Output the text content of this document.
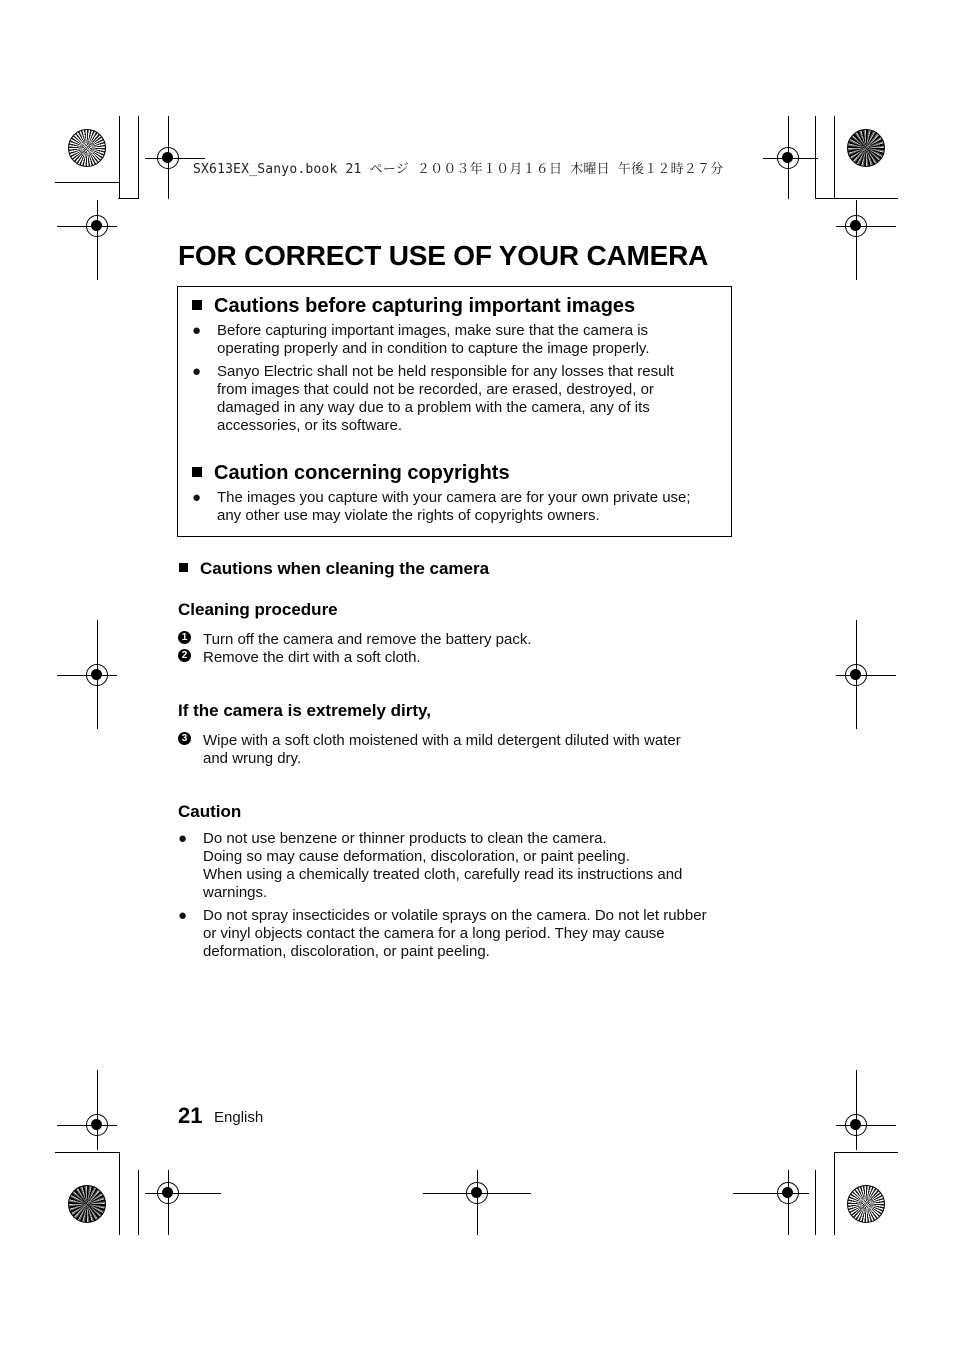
SX613EX_Sanyo.book 21 ページ ２００３年１０月１６日 木曜日 午後１２時２７分
FOR CORRECT USE OF YOUR CAMERA
Cautions before capturing important images
● Before capturing important images, make sure that the camera is
operating properly and in condition to capture the image properly.
● Sanyo Electric shall not be held responsible for any losses that result
from images that could not be recorded, are erased, destroyed, or
damaged in any way due to a problem with the camera, any of its
accessories, or its software.
Caution concerning copyrights
● The images you capture with your camera are for your own private use;
any other use may violate the rights of copyrights owners.
Cautions when cleaning the camera
Cleaning procedure
1 Turn off the camera and remove the battery pack.
2 Remove the dirt with a soft cloth.
If the camera is extremely dirty,
3 Wipe with a soft cloth moistened with a mild detergent diluted with water
and wrung dry.
Caution
● Do not use benzene or thinner products to clean the camera.
Doing so may cause deformation, discoloration, or paint peeling.
When using a chemically treated cloth, carefully read its instructions and
warnings.
● Do not spray insecticides or volatile sprays on the camera. Do not let rubber
or vinyl objects contact the camera for a long period. They may cause
deformation, discoloration, or paint peeling.
21 English
